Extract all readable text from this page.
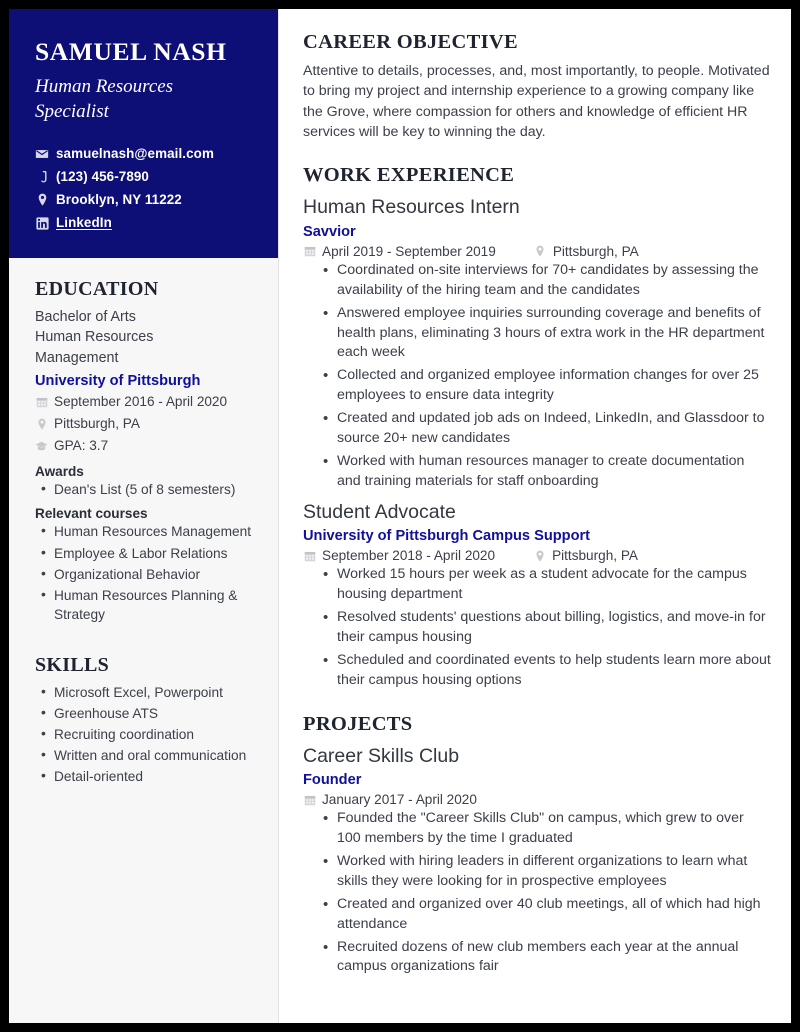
SAMUEL NASH
Human Resources Specialist
samuelnash@email.com
(123) 456-7890
Brooklyn, NY 11222
LinkedIn
EDUCATION
Bachelor of Arts
Human Resources
Management
University of Pittsburgh
September 2016 - April 2020
Pittsburgh, PA
GPA: 3.7
Awards
• Dean's List (5 of 8 semesters)
Relevant courses
• Human Resources Management
• Employee & Labor Relations
• Organizational Behavior
• Human Resources Planning & Strategy
SKILLS
• Microsoft Excel, Powerpoint
• Greenhouse ATS
• Recruiting coordination
• Written and oral communication
• Detail-oriented
CAREER OBJECTIVE

Attentive to details, processes, and, most importantly, to people. Motivated to bring my project and internship experience to a growing company like the Grove, where compassion for others and knowledge of efficient HR services will be key to winning the day.

WORK EXPERIENCE
Human Resources Intern
Savvior
April 2019 - September 2019	Pittsburgh, PA
• Coordinated on-site interviews for 70+ candidates by assessing the availability of the hiring team and the candidates
• Answered employee inquiries surrounding coverage and benefits of health plans, eliminating 3 hours of extra work in the HR department each week
• Collected and organized employee information changes for over 25 employees to ensure data integrity
• Created and updated job ads on Indeed, LinkedIn, and Glassdoor to source 20+ new candidates
• Worked with human resources manager to create documentation and training materials for staff onboarding
Student Advocate
University of Pittsburgh Campus Support
September 2018 - April 2020	Pittsburgh, PA
• Worked 15 hours per week as a student advocate for the campus housing department
• Resolved students' questions about billing, logistics, and move-in for their campus housing
• Scheduled and coordinated events to help students learn more about their campus housing options
PROJECTS
Career Skills Club
Founder
January 2017 - April 2020
• Founded the "Career Skills Club" on campus, which grew to over 100 members by the time I graduated
• Worked with hiring leaders in different organizations to learn what skills they were looking for in prospective employees
• Created and organized over 40 club meetings, all of which had high attendance
• Recruited dozens of new club members each year at the annual campus organizations fair
